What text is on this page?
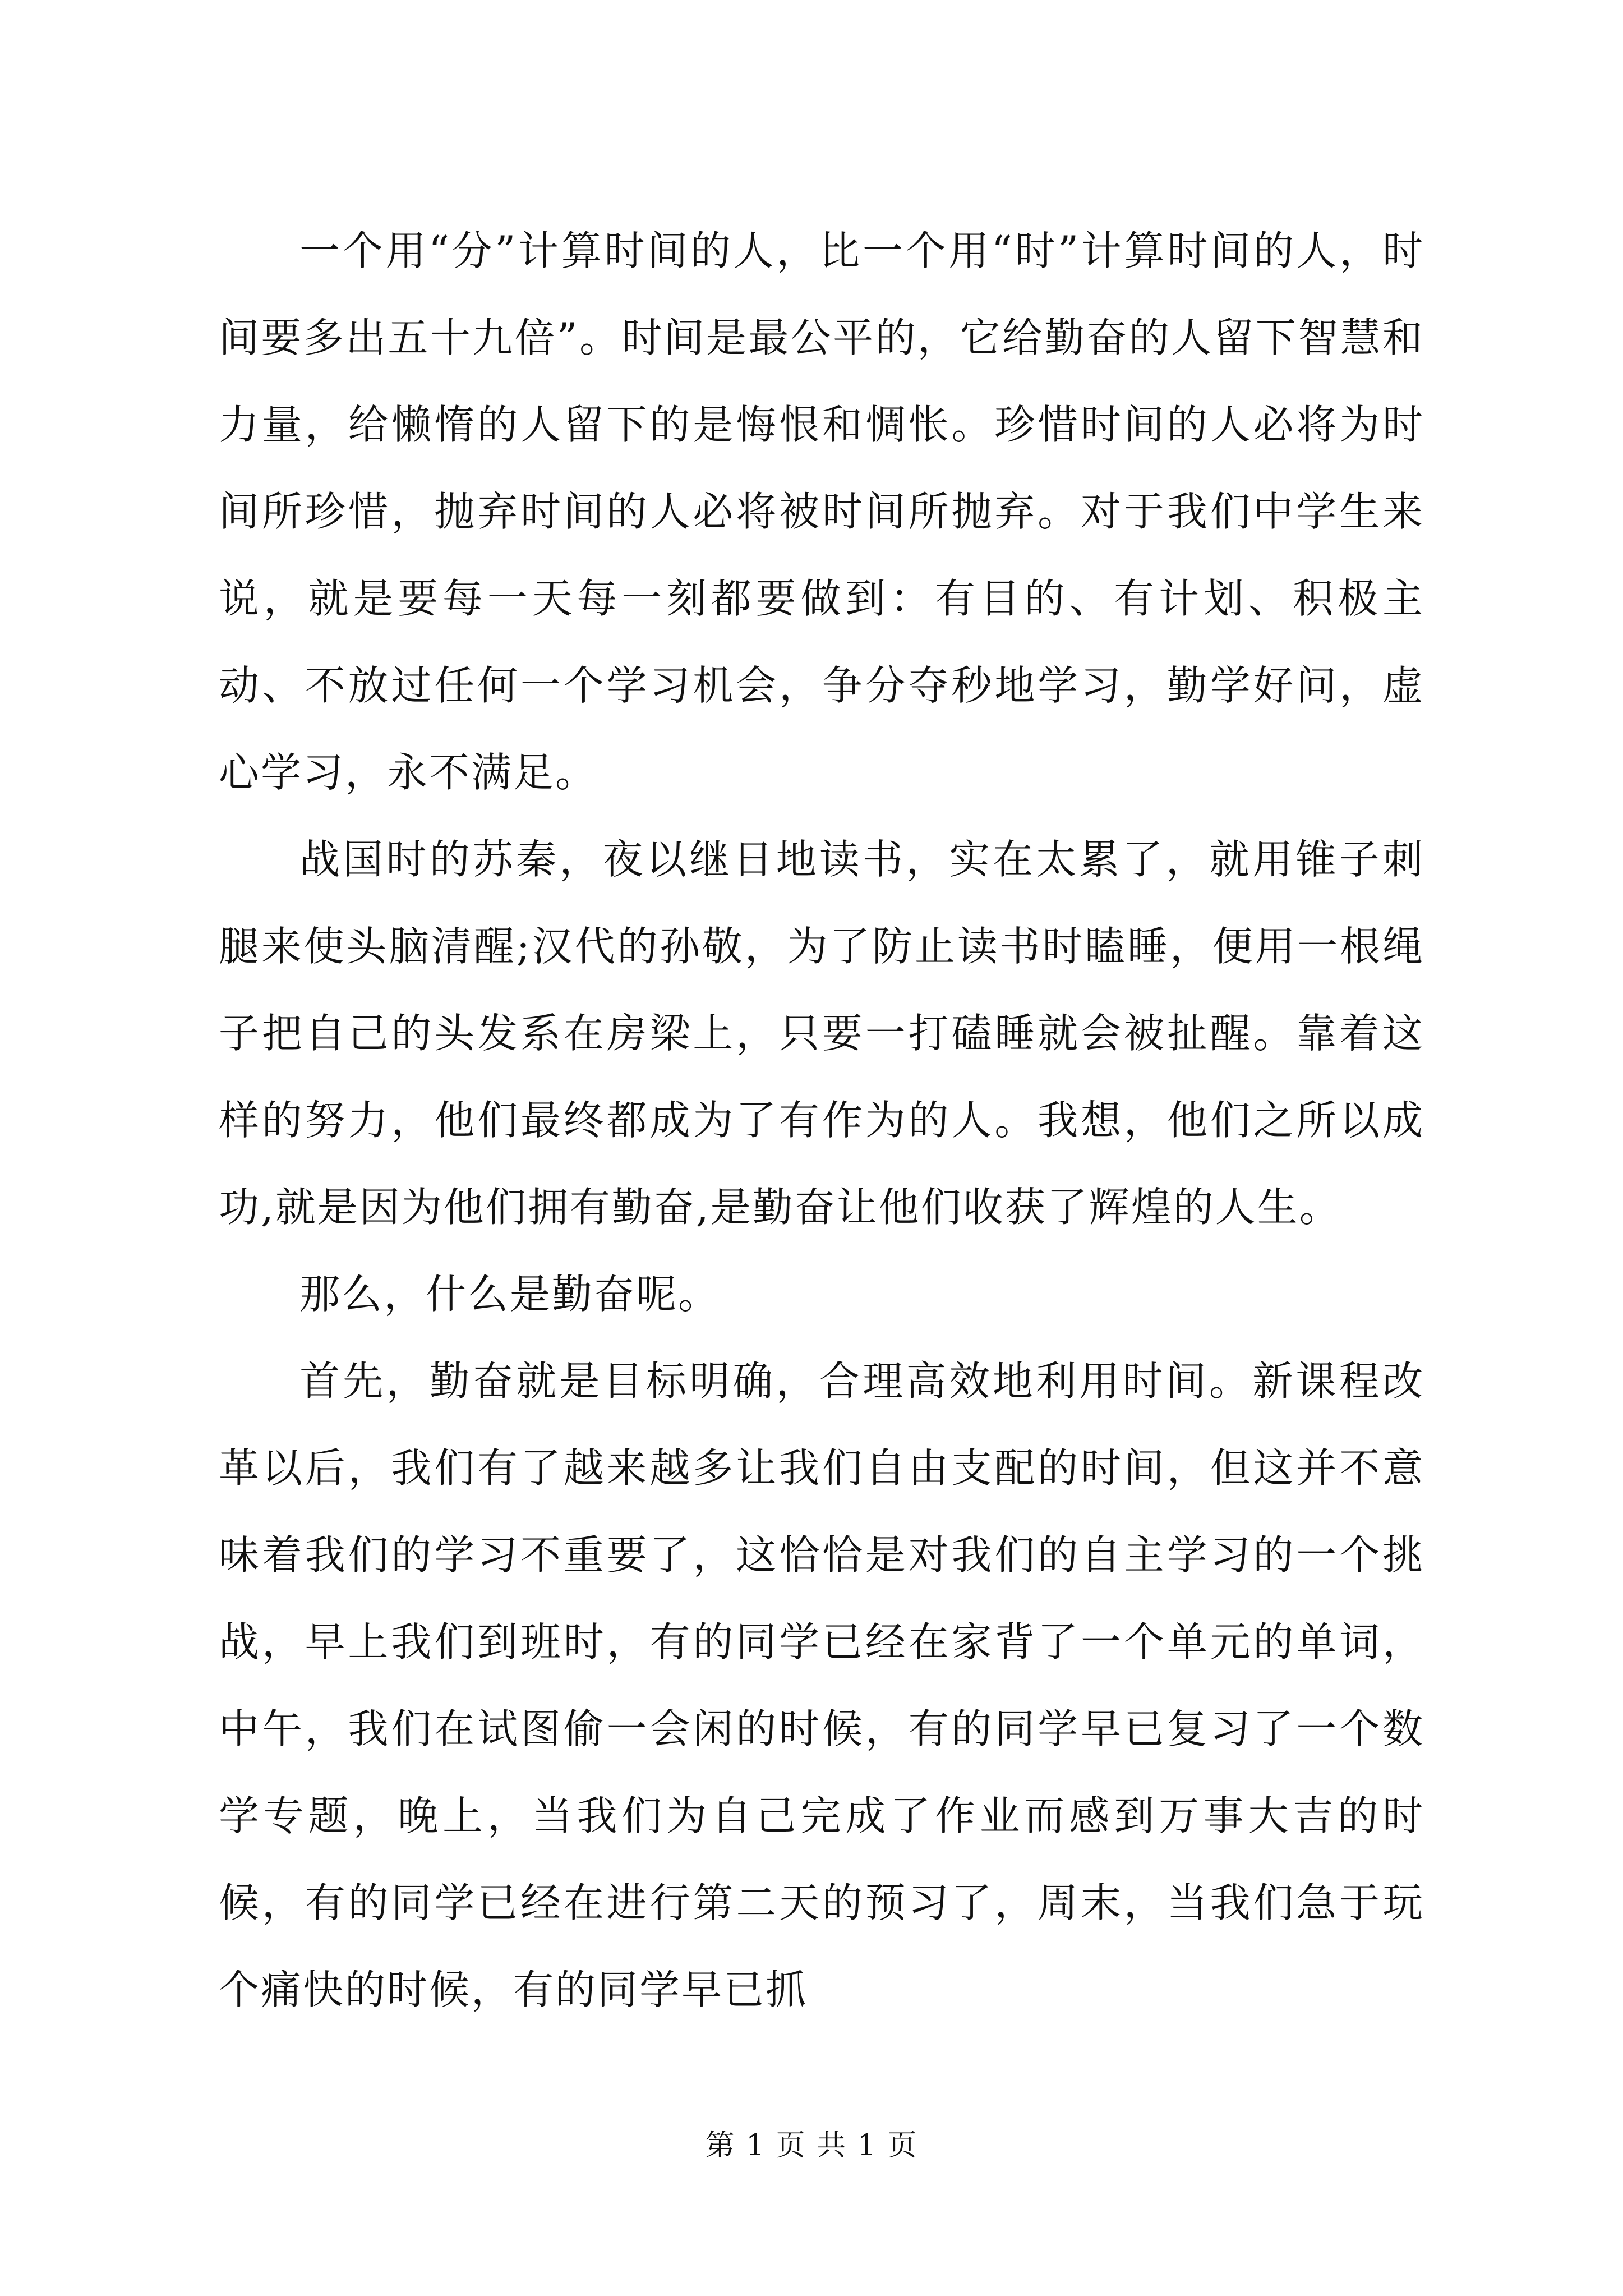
一个用“分”计算时间的人，比一个用“时”计算时间的人，时间要多出五十九倍”。时间是最公平的，它给勤奋的人留下智慧和力量，给懒惰的人留下的是悔恨和惆怅。珍惜时间的人必将为时间所珍惜，抛弃时间的人必将被时间所抛弃。对于我们中学生来说，就是要每一天每一刻都要做到：有目的、有计划、积极主动、不放过任何一个学习机会，争分夺秒地学习，勤学好问，虚心学习，永不满足。

战国时的苏秦，夜以继日地读书，实在太累了，就用锥子刺腿来使头脑清醒;汉代的孙敬，为了防止读书时瞌睡，便用一根绳子把自己的头发系在房梁上，只要一打磕睡就会被扯醒。靠着这样的努力，他们最终都成为了有作为的人。我想，他们之所以成功,就是因为他们拥有勤奋,是勤奋让他们收获了辉煌的人生。

那么，什么是勤奋呢。

首先，勤奋就是目标明确，合理高效地利用时间。新课程改革以后，我们有了越来越多让我们自由支配的时间，但这并不意味着我们的学习不重要了，这恰恰是对我们的自主学习的一个挑战，早上我们到班时，有的同学已经在家背了一个单元的单词，中午，我们在试图偷一会闲的时候，有的同学早已复习了一个数学专题，晚上，当我们为自己完成了作业而感到万事大吉的时候，有的同学已经在进行第二天的预习了，周末，当我们急于玩个痛快的时候，有的同学早已抓

第 1 页 共 1 页
